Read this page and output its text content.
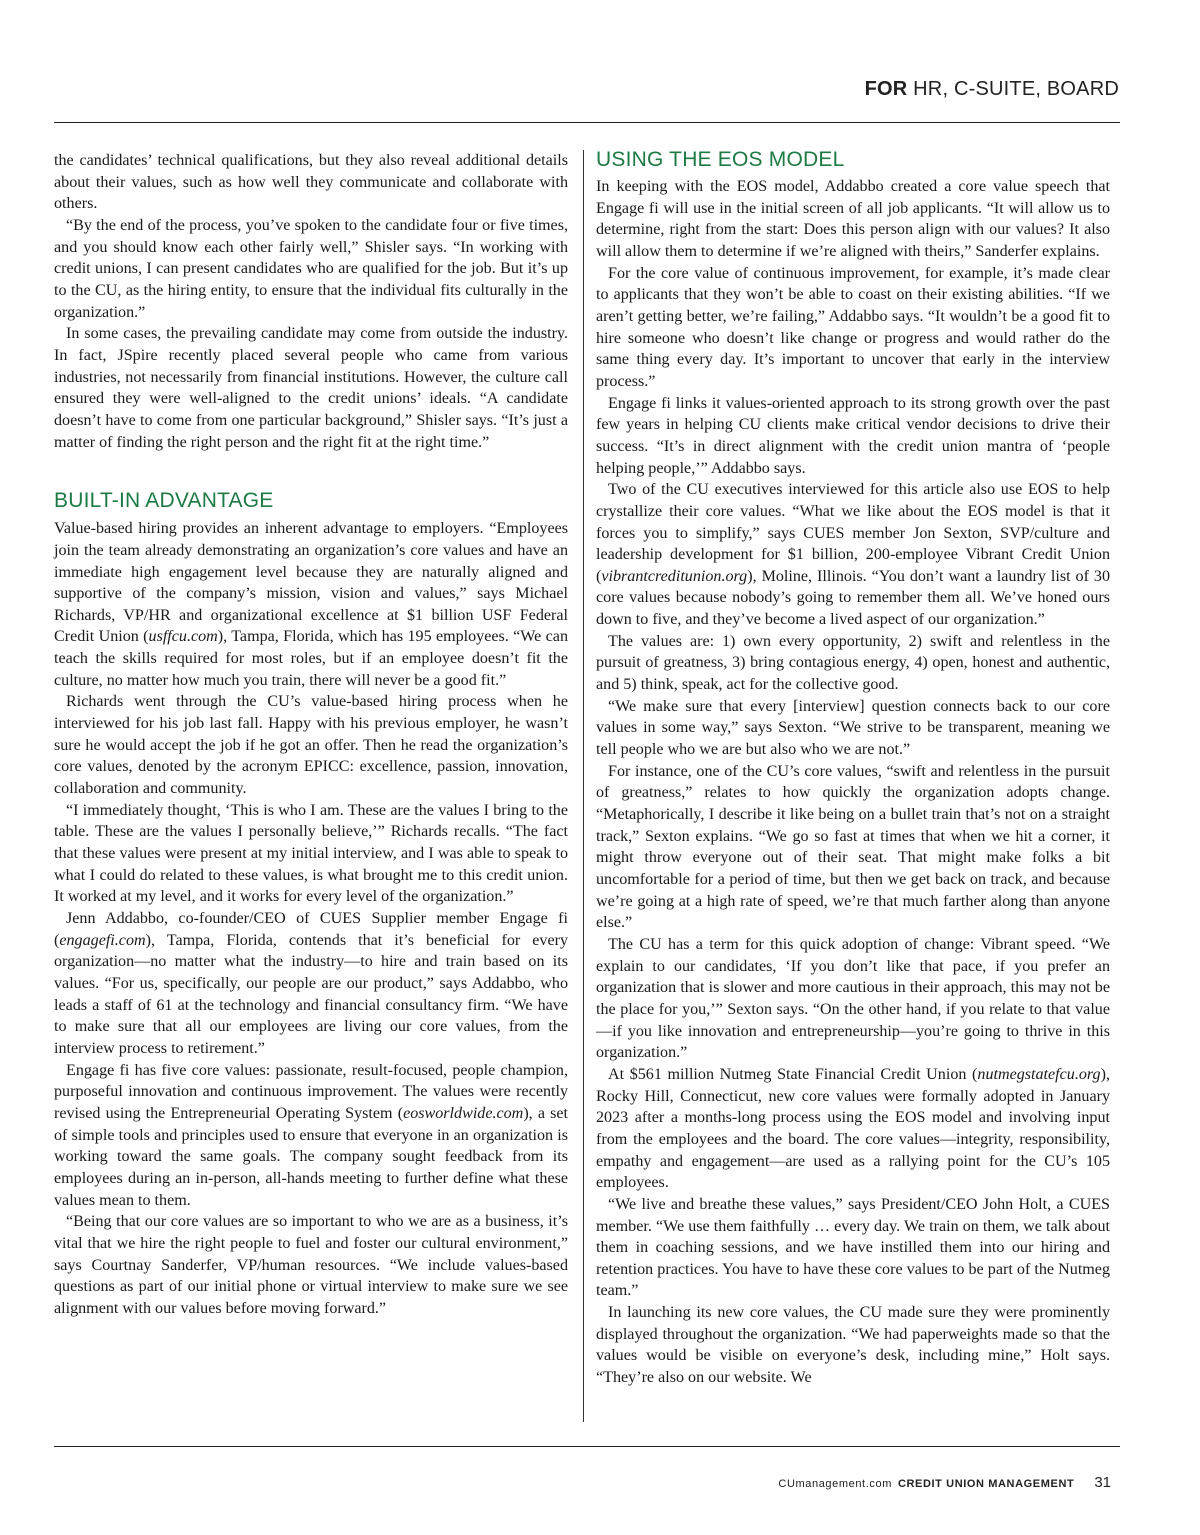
FOR HR, C-SUITE, BOARD

the candidates’ technical qualifications, but they also reveal additional details about their values, such as how well they communicate and collaborate with others.

“By the end of the process, you’ve spoken to the candidate four or five times, and you should know each other fairly well,” Shisler says. “In working with credit unions, I can present candidates who are qualified for the job. But it’s up to the CU, as the hiring entity, to ensure that the individual fits culturally in the organization.”

In some cases, the prevailing candidate may come from outside the industry. In fact, JSpire recently placed several people who came from various industries, not necessarily from financial institutions. However, the culture call ensured they were well-aligned to the credit unions’ ideals. “A candidate doesn’t have to come from one particular background,” Shisler says. “It’s just a matter of finding the right person and the right fit at the right time.”

BUILT-IN ADVANTAGE

Value-based hiring provides an inherent advantage to employers. “Employees join the team already demonstrating an organization’s core values and have an immediate high engagement level because they are naturally aligned and supportive of the company’s mission, vision and values,” says Michael Richards, VP/HR and organizational excellence at $1 billion USF Federal Credit Union (usffcu.com), Tampa, Florida, which has 195 employees. “We can teach the skills required for most roles, but if an employee doesn’t fit the culture, no matter how much you train, there will never be a good fit.”

Richards went through the CU’s value-based hiring process when he interviewed for his job last fall. Happy with his previous employer, he wasn’t sure he would accept the job if he got an offer. Then he read the organization’s core values, denoted by the acronym EPICC: excellence, passion, innovation, collaboration and community.

“I immediately thought, ‘This is who I am. These are the values I bring to the table. These are the values I personally believe,’” Richards recalls. “The fact that these values were present at my initial interview, and I was able to speak to what I could do related to these values, is what brought me to this credit union. It worked at my level, and it works for every level of the organization.”

Jenn Addabbo, co-founder/CEO of CUES Supplier member Engage fi (engagefi.com), Tampa, Florida, contends that it’s beneficial for every organization—no matter what the industry—to hire and train based on its values. “For us, specifically, our people are our product,” says Addabbo, who leads a staff of 61 at the technology and financial consultancy firm. “We have to make sure that all our employees are living our core values, from the interview process to retirement.”

Engage fi has five core values: passionate, result-focused, people champion, purposeful innovation and continuous improvement. The values were recently revised using the Entrepreneurial Operating System (eosworldwide.com), a set of simple tools and principles used to ensure that everyone in an organization is working toward the same goals. The company sought feedback from its employees during an in-person, all-hands meeting to further define what these values mean to them.

“Being that our core values are so important to who we are as a business, it’s vital that we hire the right people to fuel and foster our cultural environment,” says Courtnay Sanderfer, VP/human resources. “We include values-based questions as part of our initial phone or virtual interview to make sure we see alignment with our values before moving forward.”

USING THE EOS MODEL

In keeping with the EOS model, Addabbo created a core value speech that Engage fi will use in the initial screen of all job applicants. “It will allow us to determine, right from the start: Does this person align with our values? It also will allow them to determine if we’re aligned with theirs,” Sanderfer explains.

For the core value of continuous improvement, for example, it’s made clear to applicants that they won’t be able to coast on their existing abilities. “If we aren’t getting better, we’re failing,” Addabbo says. “It wouldn’t be a good fit to hire someone who doesn’t like change or progress and would rather do the same thing every day. It’s important to uncover that early in the interview process.”

Engage fi links it values-oriented approach to its strong growth over the past few years in helping CU clients make critical vendor decisions to drive their success. “It’s in direct alignment with the credit union mantra of ‘people helping people,’” Addabbo says.

Two of the CU executives interviewed for this article also use EOS to help crystallize their core values. “What we like about the EOS model is that it forces you to simplify,” says CUES member Jon Sexton, SVP/culture and leadership development for $1 billion, 200-employee Vibrant Credit Union (vibrantcreditunion.org), Moline, Illinois. “You don’t want a laundry list of 30 core values because nobody’s going to remember them all. We’ve honed ours down to five, and they’ve become a lived aspect of our organization.”

The values are: 1) own every opportunity, 2) swift and relentless in the pursuit of greatness, 3) bring contagious energy, 4) open, honest and authentic, and 5) think, speak, act for the collective good.

“We make sure that every [interview] question connects back to our core values in some way,” says Sexton. “We strive to be transparent, meaning we tell people who we are but also who we are not.”

For instance, one of the CU’s core values, “swift and relentless in the pursuit of greatness,” relates to how quickly the organization adopts change. “Metaphorically, I describe it like being on a bullet train that’s not on a straight track,” Sexton explains. “We go so fast at times that when we hit a corner, it might throw everyone out of their seat. That might make folks a bit uncomfortable for a period of time, but then we get back on track, and because we’re going at a high rate of speed, we’re that much farther along than anyone else.”

The CU has a term for this quick adoption of change: Vibrant speed. “We explain to our candidates, ‘If you don’t like that pace, if you prefer an organization that is slower and more cautious in their approach, this may not be the place for you,’” Sexton says. “On the other hand, if you relate to that value—if you like innovation and entrepreneurship—you’re going to thrive in this organization.”

At $561 million Nutmeg State Financial Credit Union (nutmegstatefcu.org), Rocky Hill, Connecticut, new core values were formally adopted in January 2023 after a months-long process using the EOS model and involving input from the employees and the board. The core values—integrity, responsibility, empathy and engagement—are used as a rallying point for the CU’s 105 employees.

“We live and breathe these values,” says President/CEO John Holt, a CUES member. “We use them faithfully … every day. We train on them, we talk about them in coaching sessions, and we have instilled them into our hiring and retention practices. You have to have these core values to be part of the Nutmeg team.”

In launching its new core values, the CU made sure they were prominently displayed throughout the organization. “We had paperweights made so that the values would be visible on everyone’s desk, including mine,” Holt says. “They’re also on our website. We

CUmanagement.com CREDIT UNION MANAGEMENT 31
